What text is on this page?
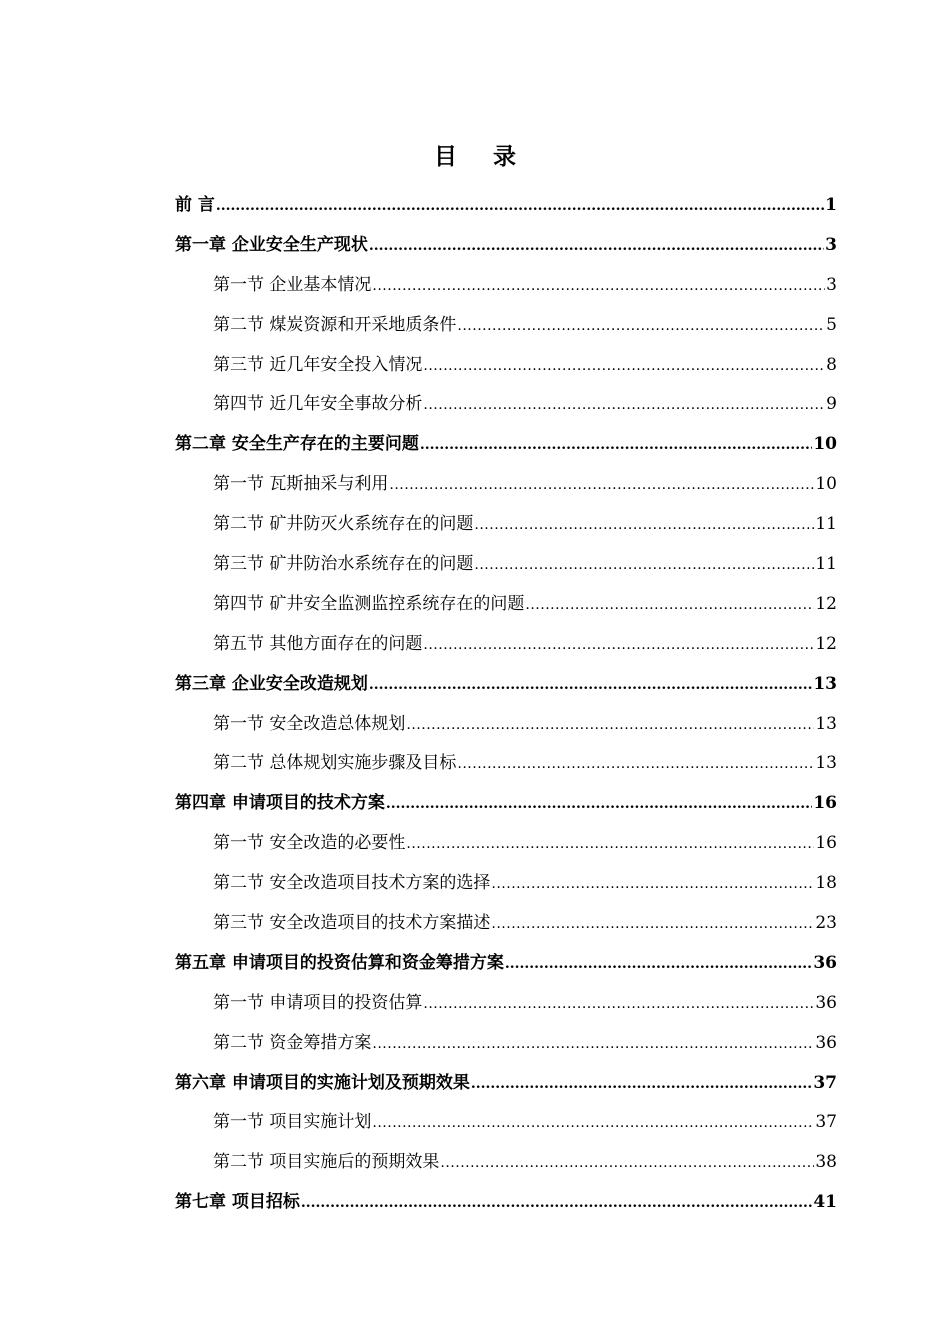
目 录
前 言 .....	1
第一章 企业安全生产现状 .....	3
第一节 企业基本情况 .....	3
第二节 煤炭资源和开采地质条件 .....	5
第三节 近几年安全投入情况 .....	8
第四节 近几年安全事故分析 .....	9
第二章 安全生产存在的主要问题 .....	10
第一节 瓦斯抽采与利用 .....	10
第二节 矿井防灭火系统存在的问题 .....	11
第三节 矿井防治水系统存在的问题 .....	11
第四节 矿井安全监测监控系统存在的问题 .....	12
第五节 其他方面存在的问题 .....	12
第三章 企业安全改造规划 .....	13
第一节 安全改造总体规划 .....	13
第二节 总体规划实施步骤及目标 .....	13
第四章 申请项目的技术方案 .....	16
第一节 安全改造的必要性 .....	16
第二节 安全改造项目技术方案的选择 .....	18
第三节 安全改造项目的技术方案描述 .....	23
第五章 申请项目的投资估算和资金筹措方案 .....	36
第一节 申请项目的投资估算 .....	36
第二节 资金筹措方案 .....	36
第六章 申请项目的实施计划及预期效果 .....	37
第一节 项目实施计划 .....	37
第二节 项目实施后的预期效果 .....	38
第七章 项目招标 .....	41
